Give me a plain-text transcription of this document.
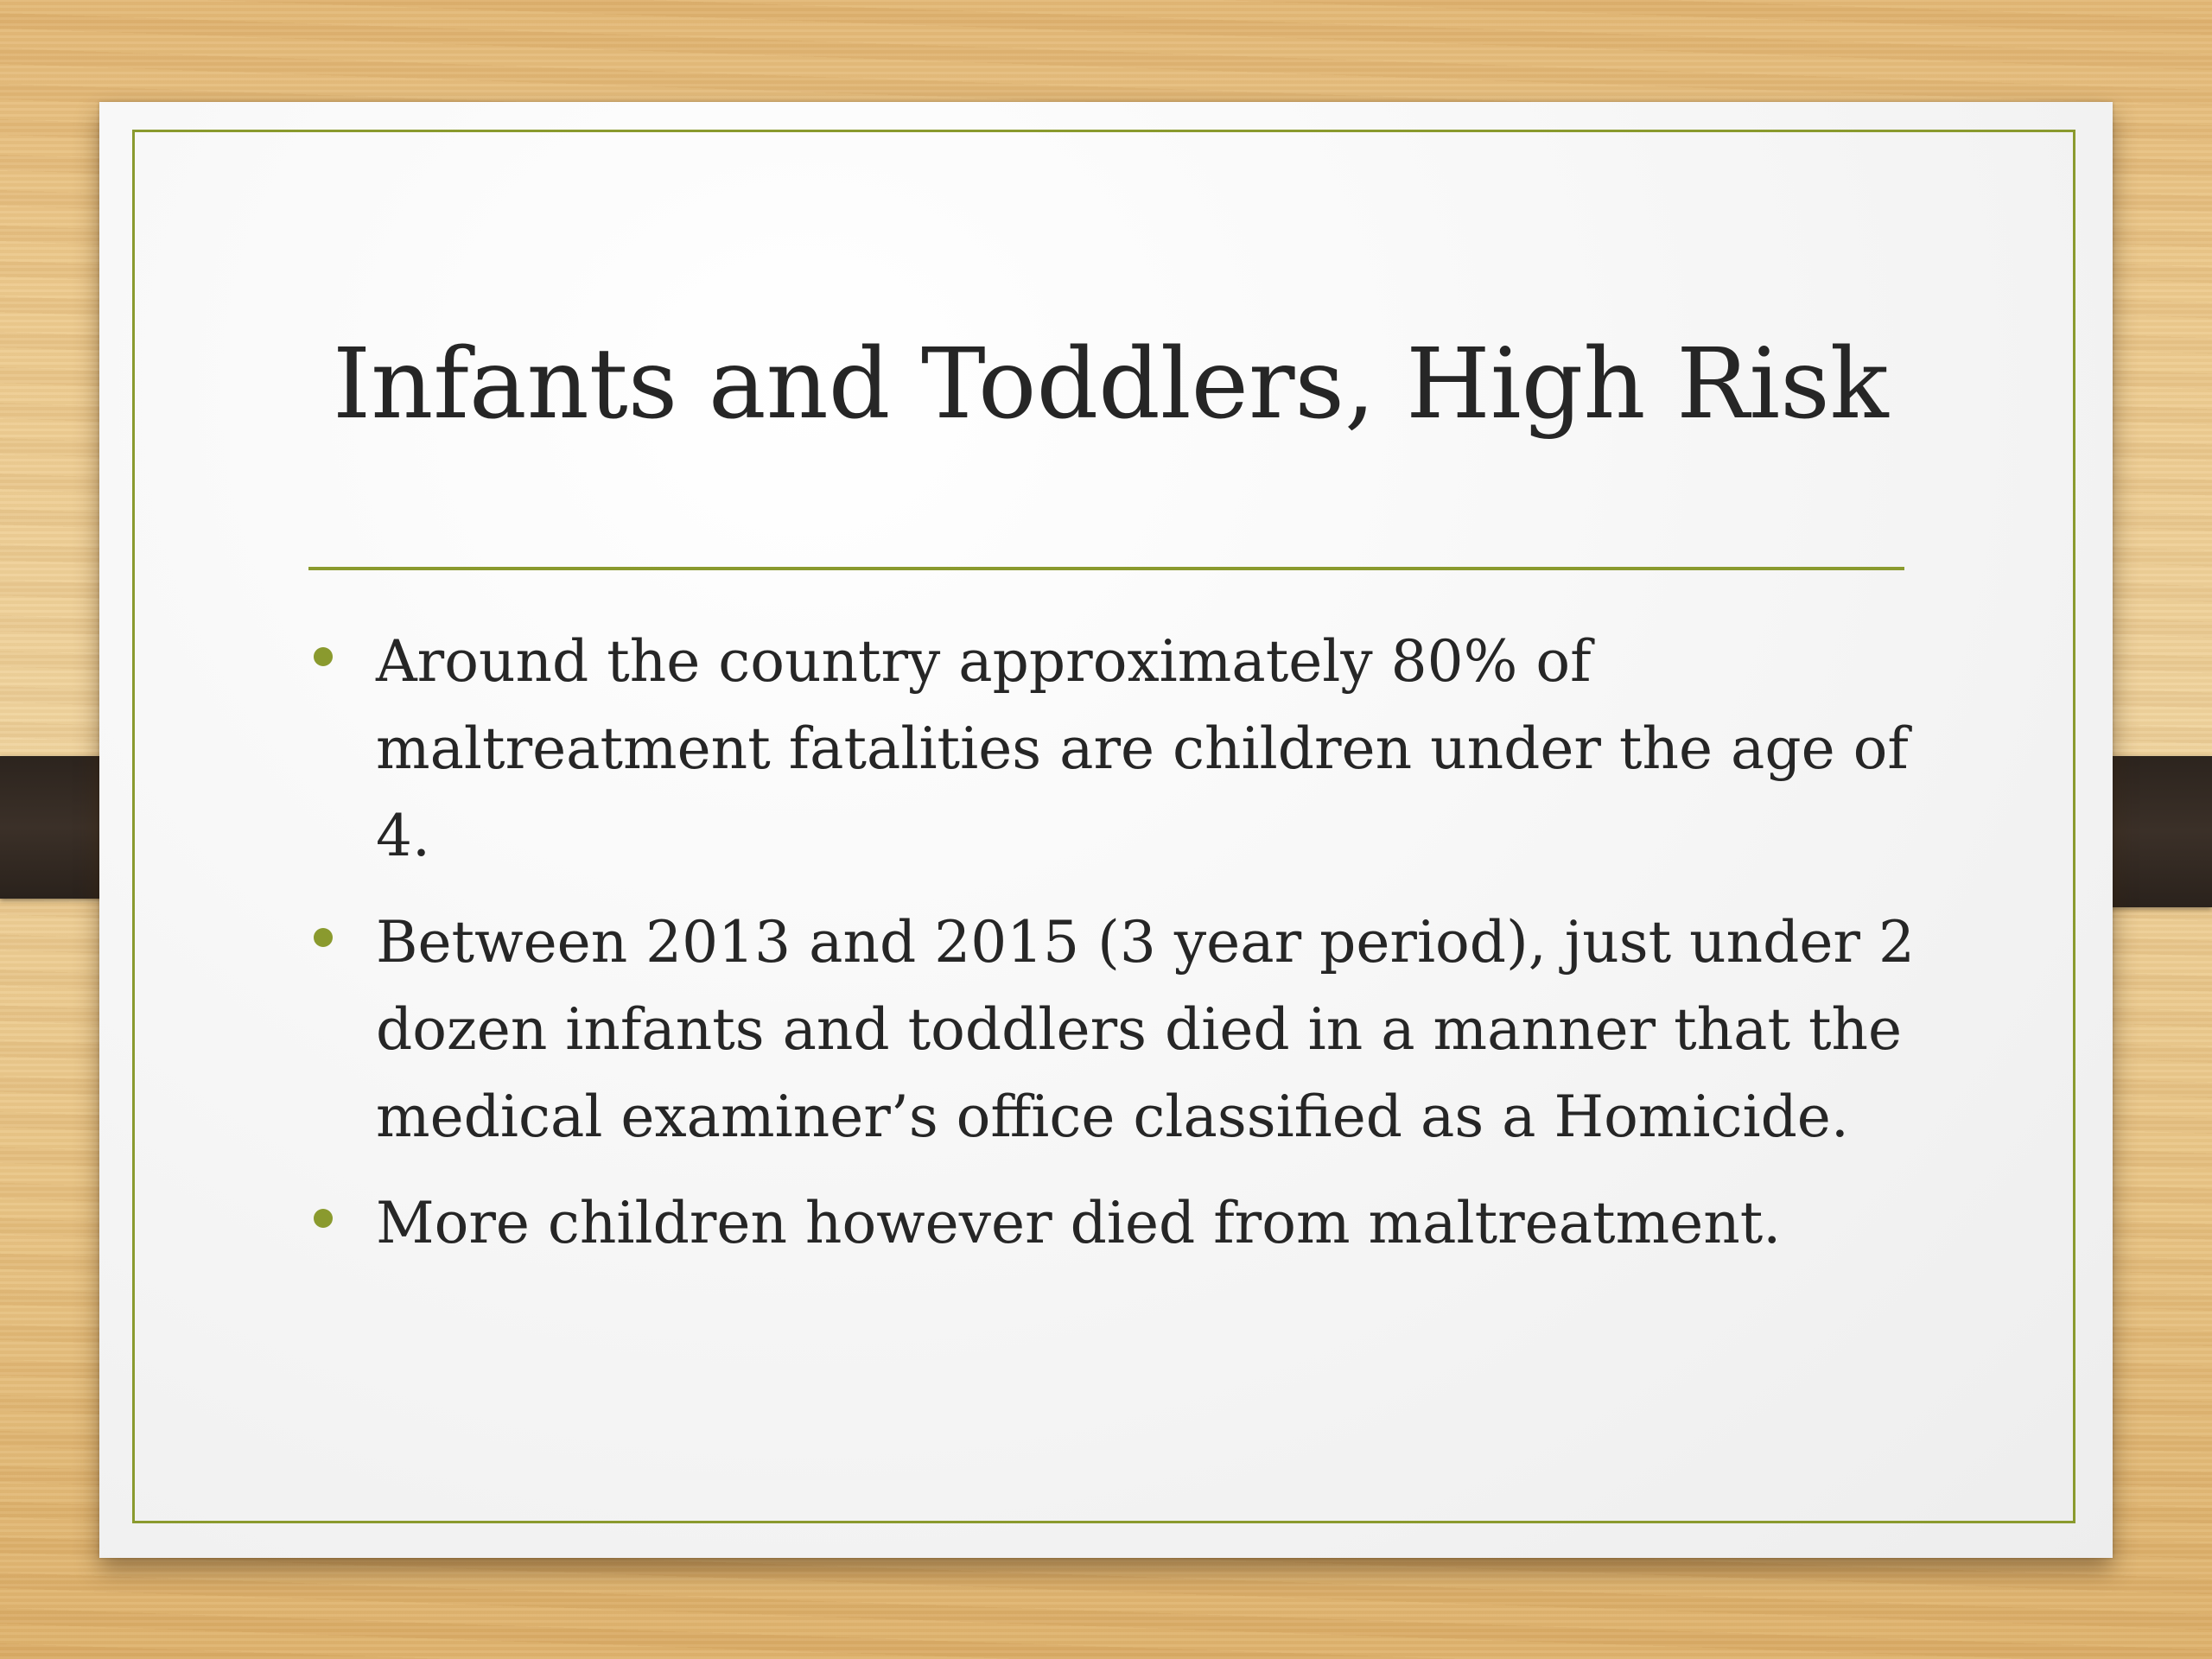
Infants and Toddlers, High Risk
Around the country approximately 80% of maltreatment fatalities are children under the age of 4.
Between 2013 and 2015 (3 year period), just under 2 dozen infants and toddlers died in a manner that the medical examiner’s office classified as a Homicide.
More children however died from maltreatment.
